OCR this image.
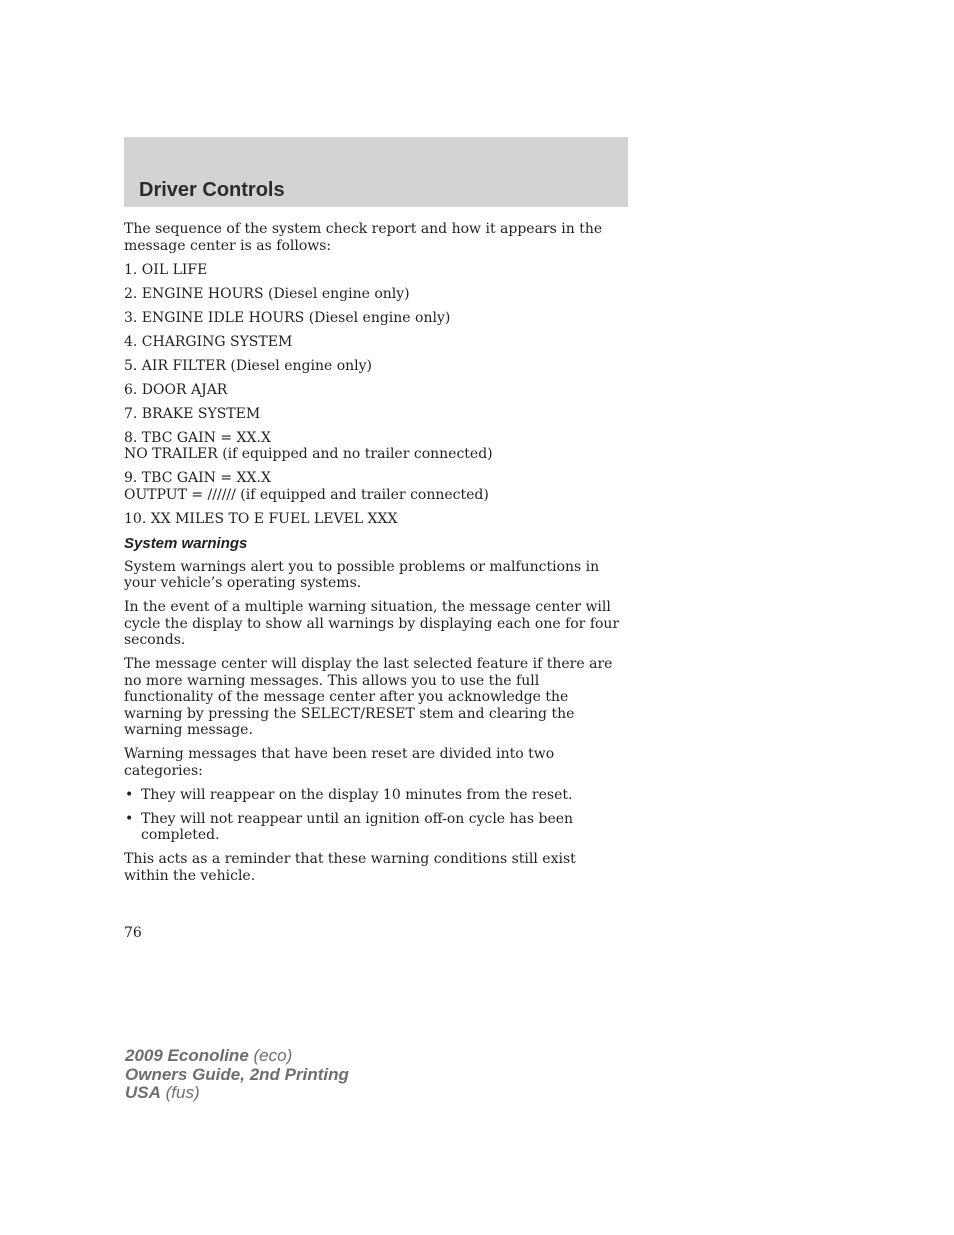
Driver Controls

The sequence of the system check report and how it appears in the message center is as follows:

1. OIL LIFE
2. ENGINE HOURS (Diesel engine only)
3. ENGINE IDLE HOURS (Diesel engine only)
4. CHARGING SYSTEM
5. AIR FILTER (Diesel engine only)
6. DOOR AJAR
7. BRAKE SYSTEM
8. TBC GAIN = XX.X
NO TRAILER (if equipped and no trailer connected)
9. TBC GAIN = XX.X
OUTPUT = ////// (if equipped and trailer connected)
10. XX MILES TO E FUEL LEVEL XXX
System warnings

System warnings alert you to possible problems or malfunctions in your vehicle’s operating systems.

In the event of a multiple warning situation, the message center will cycle the display to show all warnings by displaying each one for four seconds.

The message center will display the last selected feature if there are no more warning messages. This allows you to use the full functionality of the message center after you acknowledge the warning by pressing the SELECT/RESET stem and clearing the warning message.

Warning messages that have been reset are divided into two categories:

• They will reappear on the display 10 minutes from the reset.
• They will not reappear until an ignition off-on cycle has been completed.

This acts as a reminder that these warning conditions still exist within the vehicle.

76
2009 Econoline (eco)
Owners Guide, 2nd Printing
USA (fus)
